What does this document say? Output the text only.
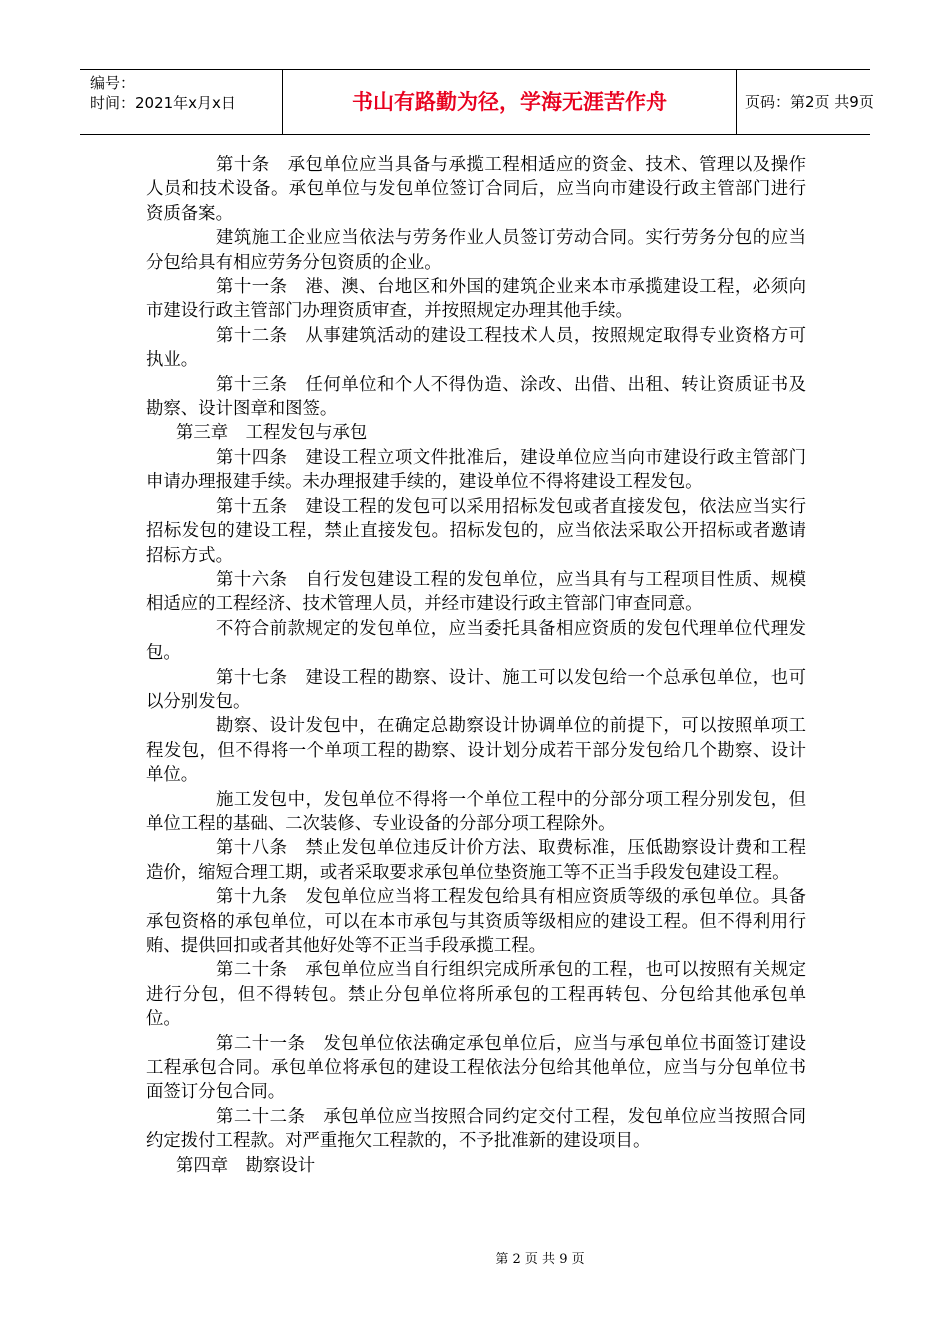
编号：
时间：2021年x月x日	书山有路勤为径，学海无涯苦作舟	页码：第2页 共9页

第十条　承包单位应当具备与承揽工程相适应的资金、技术、管理以及操作人员和技术设备。承包单位与发包单位签订合同后，应当向市建设行政主管部门进行资质备案。

建筑施工企业应当依法与劳务作业人员签订劳动合同。实行劳务分包的应当分包给具有相应劳务分包资质的企业。

第十一条　港、澳、台地区和外国的建筑企业来本市承揽建设工程，必须向市建设行政主管部门办理资质审查，并按照规定办理其他手续。

第十二条　从事建筑活动的建设工程技术人员，按照规定取得专业资格方可执业。

第十三条　任何单位和个人不得伪造、涂改、出借、出租、转让资质证书及勘察、设计图章和图签。

第三章　工程发包与承包

第十四条　建设工程立项文件批准后，建设单位应当向市建设行政主管部门申请办理报建手续。未办理报建手续的，建设单位不得将建设工程发包。

第十五条　建设工程的发包可以采用招标发包或者直接发包，依法应当实行招标发包的建设工程，禁止直接发包。招标发包的，应当依法采取公开招标或者邀请招标方式。

第十六条　自行发包建设工程的发包单位，应当具有与工程项目性质、规模相适应的工程经济、技术管理人员，并经市建设行政主管部门审查同意。

不符合前款规定的发包单位，应当委托具备相应资质的发包代理单位代理发包。

第十七条　建设工程的勘察、设计、施工可以发包给一个总承包单位，也可以分别发包。

勘察、设计发包中，在确定总勘察设计协调单位的前提下，可以按照单项工程发包，但不得将一个单项工程的勘察、设计划分成若干部分发包给几个勘察、设计单位。

施工发包中，发包单位不得将一个单位工程中的分部分项工程分别发包，但单位工程的基础、二次装修、专业设备的分部分项工程除外。

第十八条　禁止发包单位违反计价方法、取费标准，压低勘察设计费和工程造价，缩短合理工期，或者采取要求承包单位垫资施工等不正当手段发包建设工程。

第十九条　发包单位应当将工程发包给具有相应资质等级的承包单位。具备承包资格的承包单位，可以在本市承包与其资质等级相应的建设工程。但不得利用行贿、提供回扣或者其他好处等不正当手段承揽工程。

第二十条　承包单位应当自行组织完成所承包的工程，也可以按照有关规定进行分包，但不得转包。禁止分包单位将所承包的工程再转包、分包给其他承包单位。

第二十一条　发包单位依法确定承包单位后，应当与承包单位书面签订建设工程承包合同。承包单位将承包的建设工程依法分包给其他单位，应当与分包单位书面签订分包合同。

第二十二条　承包单位应当按照合同约定交付工程，发包单位应当按照合同约定拨付工程款。对严重拖欠工程款的，不予批准新的建设项目。

第四章　勘察设计

第 2 页 共 9 页
